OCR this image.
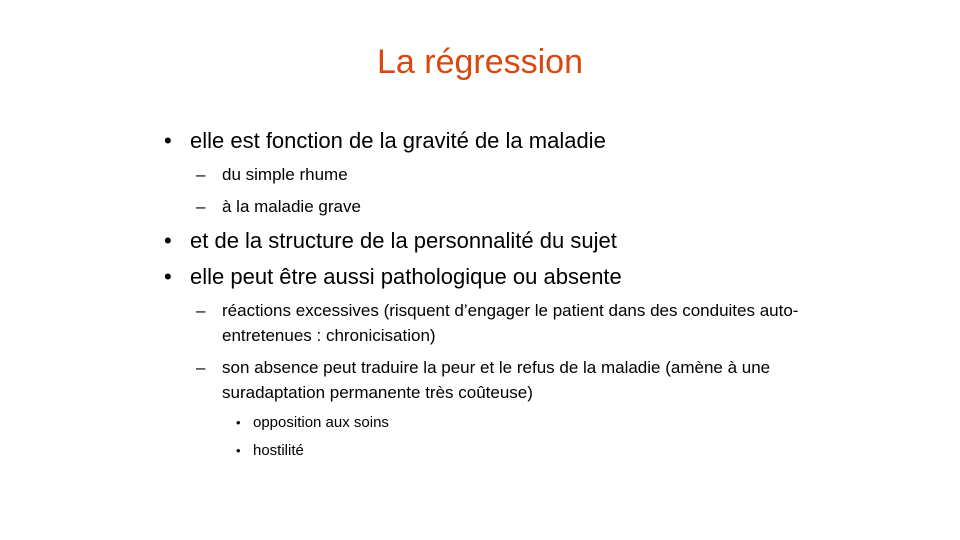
La régression
• elle est fonction de la gravité de la maladie
– du simple rhume
– à la maladie grave
• et de la structure de la personnalité du sujet
• elle peut être aussi pathologique ou absente
– réactions excessives (risquent d’engager le patient dans des conduites auto-entretenues : chronicisation)
– son absence peut traduire la peur et le refus de la maladie (amène à une suradaptation permanente très coûteuse)
• opposition aux soins
• hostilité
